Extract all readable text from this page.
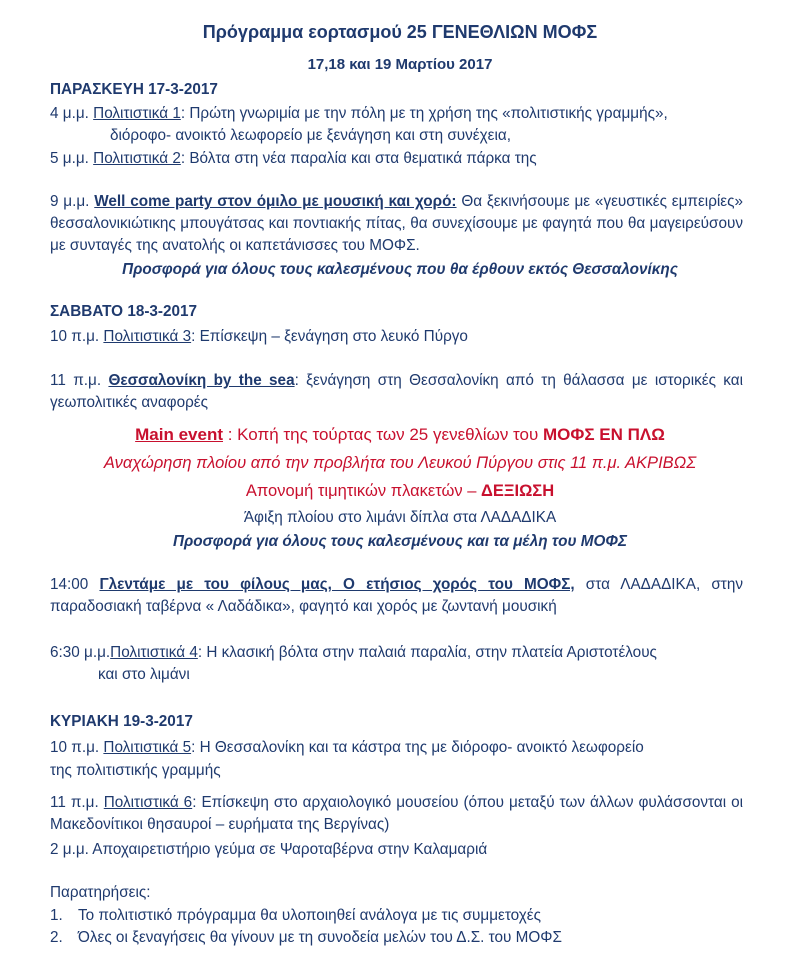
Πρόγραμμα εορτασμού 25 ΓΕΝΕΘΛΙΩΝ ΜΟΦΣ
17,18 και 19 Μαρτίου 2017
ΠΑΡΑΣΚΕΥΗ 17-3-2017
4 μ.μ. Πολιτιστικά 1: Πρώτη γνωριμία με την πόλη με τη χρήση της «πολιτιστικής γραμμής»,
διόροφο- ανοικτό λεωφορείο με ξενάγηση και στη συνέχεια,
5 μ.μ. Πολιτιστικά 2: Βόλτα στη νέα παραλία και στα θεματικά πάρκα της
9 μ.μ. Well come party στον όμιλο με μουσική και χορό: Θα ξεκινήσουμε με «γευστικές εμπειρίες» θεσσαλονικιώτικης μπουγάτσας και ποντιακής πίτας, θα συνεχίσουμε με φαγητά που θα μαγειρεύσουν με συνταγές της ανατολής οι καπετάνισσες του ΜΟΦΣ.
Προσφορά για όλους τους καλεσμένους που θα έρθουν εκτός Θεσσαλονίκης
ΣΑΒΒΑΤΟ 18-3-2017
10 π.μ. Πολιτιστικά 3: Επίσκεψη – ξενάγηση στο λευκό Πύργο
11 π.μ. Θεσσαλονίκη by the sea: ξενάγηση στη Θεσσαλονίκη από τη θάλασσα με ιστορικές και γεωπολιτικές αναφορές
Main event : Κοπή της τούρτας των 25 γενεθλίων του ΜΟΦΣ ΕΝ ΠΛΩ
Αναχώρηση πλοίου από την προβλήτα του Λευκού Πύργου στις 11 π.μ. ΑΚΡΙΒΩΣ
Απονομή τιμητικών πλακετών – ΔΕΞΙΩΣΗ
Άφιξη πλοίου στο λιμάνι δίπλα στα ΛΑΔΑΔΙΚΑ
Προσφορά για όλους τους καλεσμένους και τα μέλη του ΜΟΦΣ
14:00 Γλεντάμε με του φίλους μας, Ο ετήσιος χορός του ΜΟΦΣ, στα ΛΑΔΑΔΙΚΑ, στην παραδοσιακή ταβέρνα « Λαδάδικα», φαγητό και χορός με ζωντανή μουσική
6:30 μ.μ.Πολιτιστικά 4: Η κλασική βόλτα στην παλαιά παραλία, στην πλατεία Αριστοτέλους
και στο λιμάνι
ΚΥΡΙΑΚΗ 19-3-2017
10 π.μ. Πολιτιστικά 5: Η Θεσσαλονίκη και τα κάστρα της με διόροφο- ανοικτό λεωφορείο
της πολιτιστικής γραμμής
11 π.μ. Πολιτιστικά 6: Επίσκεψη στο αρχαιολογικό μουσείου (όπου μεταξύ των άλλων φυλάσσονται οι Μακεδονίτικοι θησαυροί – ευρήματα της Βεργίνας)
2 μ.μ. Αποχαιρετιστήριο γεύμα σε Ψαροταβέρνα στην Καλαμαριά
Παρατηρήσεις:
1. Το πολιτιστικό πρόγραμμα θα υλοποιηθεί ανάλογα με τις συμμετοχές
2. Όλες οι ξεναγήσεις θα γίνουν με τη συνοδεία μελών του Δ.Σ. του ΜΟΦΣ
